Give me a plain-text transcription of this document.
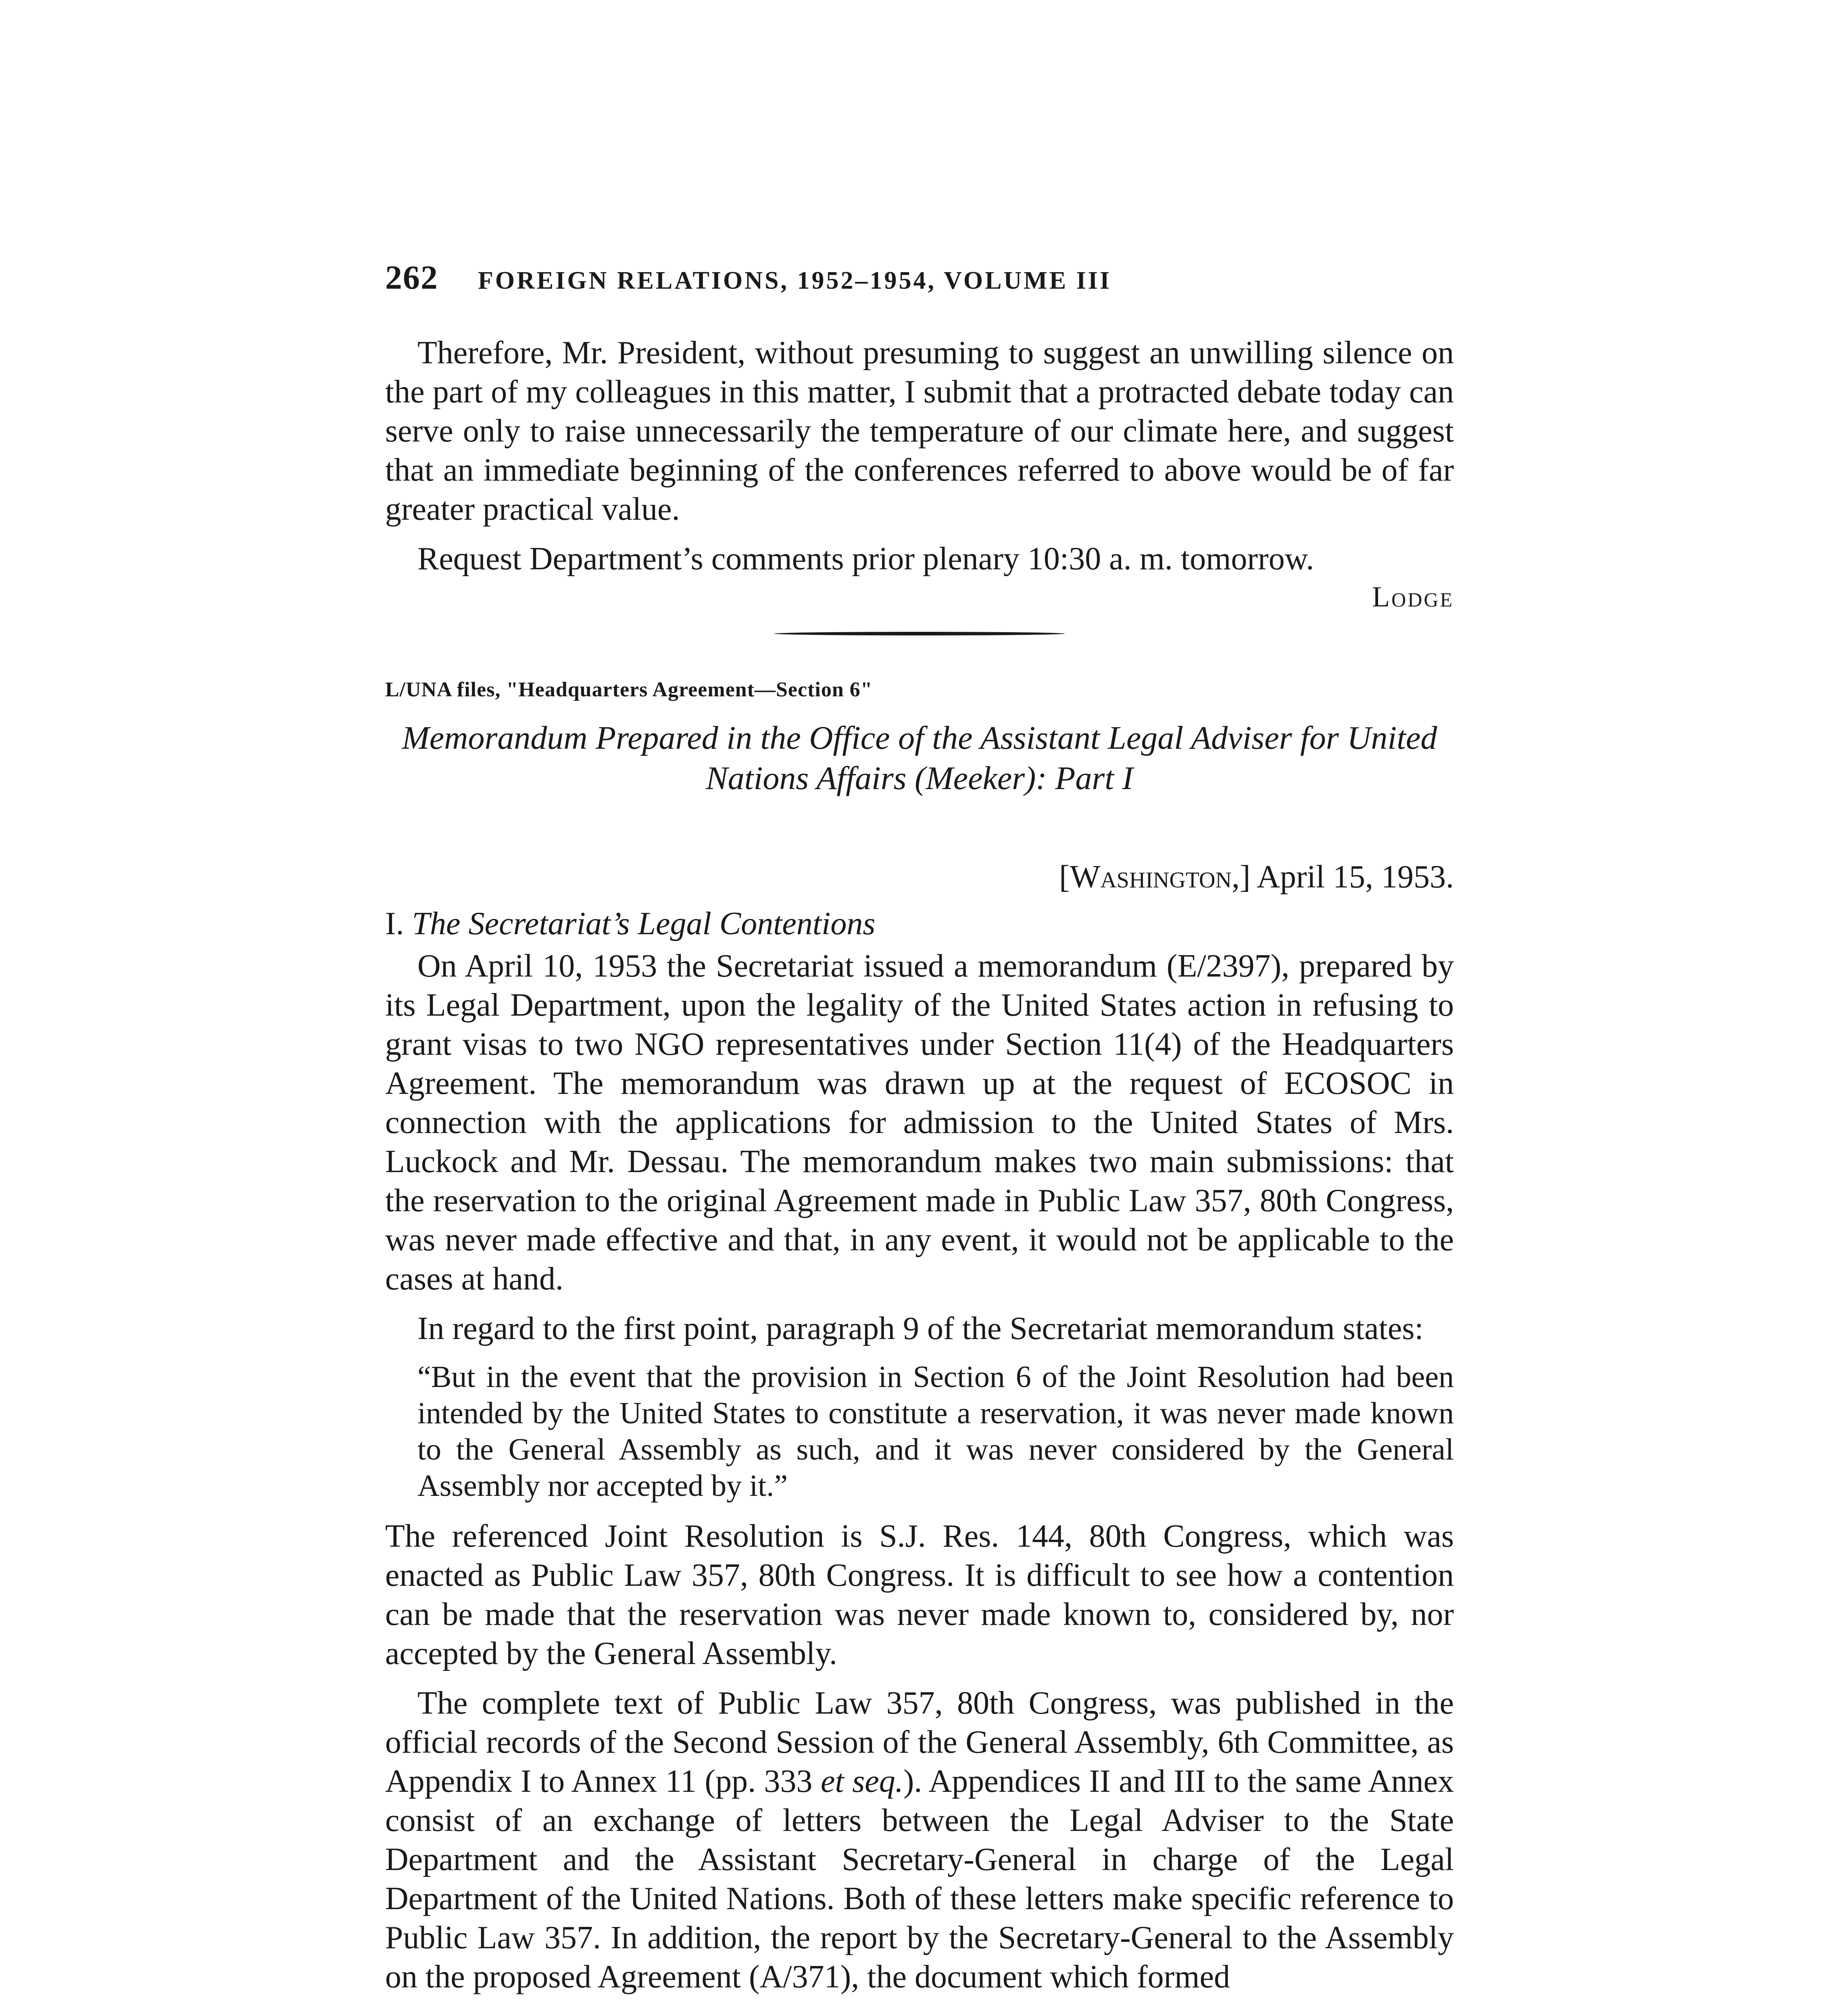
262	FOREIGN RELATIONS, 1952–1954, VOLUME III

Therefore, Mr. President, without presuming to suggest an unwilling silence on the part of my colleagues in this matter, I submit that a protracted debate today can serve only to raise unnecessarily the temperature of our climate here, and suggest that an immediate beginning of the conferences referred to above would be of far greater practical value.

Request Department’s comments prior plenary 10:30 a. m. tomorrow.

Lodge
L/UNA files, "Headquarters Agreement—Section 6"
Memorandum Prepared in the Office of the Assistant Legal Adviser for United Nations Affairs (Meeker): Part I
[Washington,] April 15, 1953.
I. The Secretariat’s Legal Contentions

On April 10, 1953 the Secretariat issued a memorandum (E/2397), prepared by its Legal Department, upon the legality of the United States action in refusing to grant visas to two NGO representatives under Section 11(4) of the Headquarters Agreement. The memorandum was drawn up at the request of ECOSOC in connection with the applications for admission to the United States of Mrs. Luckock and Mr. Dessau. The memorandum makes two main submissions: that the reservation to the original Agreement made in Public Law 357, 80th Congress, was never made effective and that, in any event, it would not be applicable to the cases at hand.

In regard to the first point, paragraph 9 of the Secretariat memorandum states:

“But in the event that the provision in Section 6 of the Joint Resolution had been intended by the United States to constitute a reservation, it was never made known to the General Assembly as such, and it was never considered by the General Assembly nor accepted by it.”

The referenced Joint Resolution is S.J. Res. 144, 80th Congress, which was enacted as Public Law 357, 80th Congress. It is difficult to see how a contention can be made that the reservation was never made known to, considered by, nor accepted by the General Assembly.

The complete text of Public Law 357, 80th Congress, was published in the official records of the Second Session of the General Assembly, 6th Committee, as Appendix I to Annex 11 (pp. 333 et seq.). Appendices II and III to the same Annex consist of an exchange of letters between the Legal Adviser to the State Department and the Assistant Secretary-General in charge of the Legal Department of the United Nations. Both of these letters make specific reference to Public Law 357. In addition, the report by the Secretary-General to the Assembly on the proposed Agreement (A/371), the document which formed
